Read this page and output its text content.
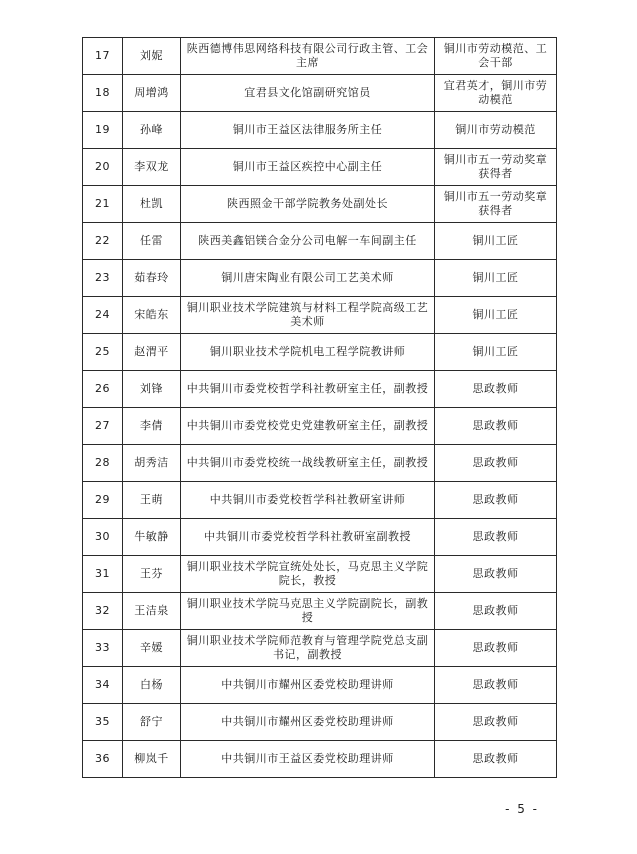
17	刘妮	陕西德博伟思网络科技有限公司行政主管、工会主席	铜川市劳动模范、工会干部
18	周增鸿	宜君县文化馆副研究馆员	宜君英才，铜川市劳动模范
19	孙峰	铜川市王益区法律服务所主任	铜川市劳动模范
20	李双龙	铜川市王益区疾控中心副主任	铜川市五一劳动奖章获得者
21	杜凯	陕西照金干部学院教务处副处长	铜川市五一劳动奖章获得者
22	任雷	陕西美鑫铝镁合金分公司电解一车间副主任	铜川工匠
23	茹春玲	铜川唐宋陶业有限公司工艺美术师	铜川工匠
24	宋皓东	铜川职业技术学院建筑与材料工程学院高级工艺美术师	铜川工匠
25	赵渭平	铜川职业技术学院机电工程学院教讲师	铜川工匠
26	刘锋	中共铜川市委党校哲学科社教研室主任，副教授	思政教师
27	李倩	中共铜川市委党校党史党建教研室主任，副教授	思政教师
28	胡秀洁	中共铜川市委党校统一战线教研室主任，副教授	思政教师
29	王萌	中共铜川市委党校哲学科社教研室讲师	思政教师
30	牛敏静	中共铜川市委党校哲学科社教研室副教授	思政教师
31	王芬	铜川职业技术学院宣统处处长，马克思主义学院院长，教授	思政教师
32	王洁泉	铜川职业技术学院马克思主义学院副院长，副教授	思政教师
33	辛媛	铜川职业技术学院师范教育与管理学院党总支副书记，副教授	思政教师
34	白杨	中共铜川市耀州区委党校助理讲师	思政教师
35	舒宁	中共铜川市耀州区委党校助理讲师	思政教师
36	柳岚千	中共铜川市王益区委党校助理讲师	思政教师
- 5 -
